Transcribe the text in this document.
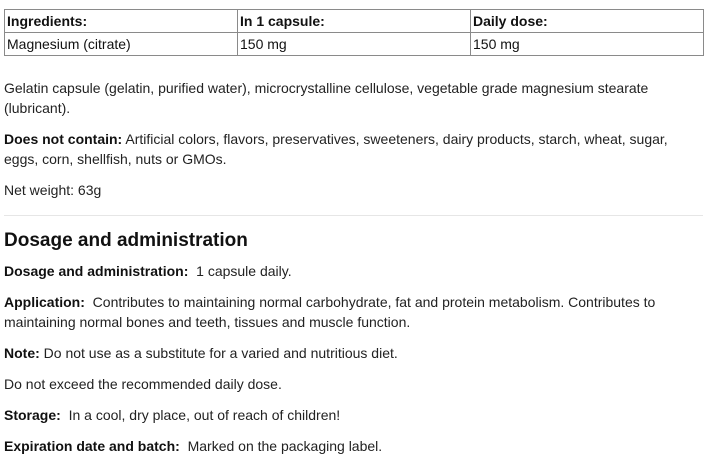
Ingredients:	In 1 capsule:	Daily dose:
Magnesium (citrate)	150 mg	150 mg

Gelatin capsule (gelatin, purified water), microcrystalline cellulose, vegetable grade magnesium stearate (lubricant).

Does not contain: Artificial colors, flavors, preservatives, sweeteners, dairy products, starch, wheat, sugar, eggs, corn, shellfish, nuts or GMOs.

Net weight: 63g

Dosage and administration

Dosage and administration:  1 capsule daily.

Application:  Contributes to maintaining normal carbohydrate, fat and protein metabolism. Contributes to maintaining normal bones and teeth, tissues and muscle function.

Note: Do not use as a substitute for a varied and nutritious diet.

Do not exceed the recommended daily dose.

Storage:  In a cool, dry place, out of reach of children!

Expiration date and batch:  Marked on the packaging label.
